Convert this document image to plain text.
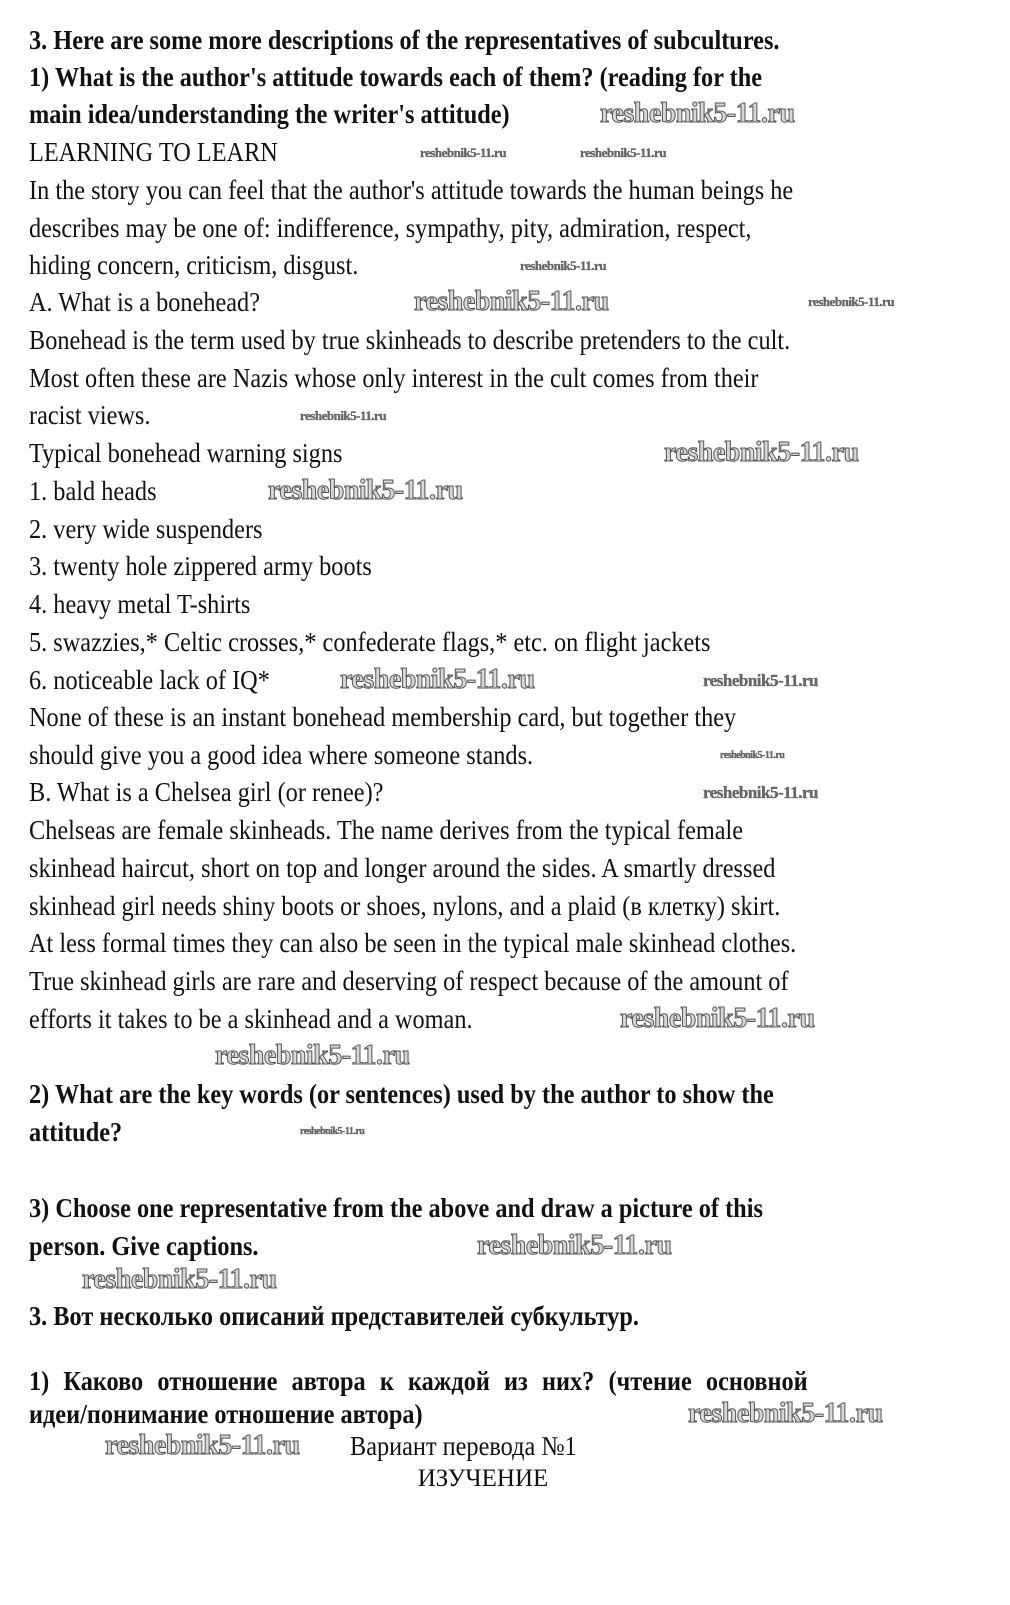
3. Here are some more descriptions of the representatives of subcultures.
1) What is the author's attitude towards each of them? (reading for the
main idea/understanding the writer's attitude)
LEARNING TO LEARN
In the story you can feel that the author's attitude towards the human beings he
describes may be one of: indifference, sympathy, pity, admiration, respect,
hiding concern, criticism, disgust.
A. What is a bonehead?
Bonehead is the term used by true skinheads to describe pretenders to the cult.
Most often these are Nazis whose only interest in the cult comes from their
racist views.
Typical bonehead warning signs
1. bald heads
2. very wide suspenders
3. twenty hole zippered army boots
4. heavy metal T-shirts
5. swazzies,* Celtic crosses,* confederate flags,* etc. on flight jackets
6. noticeable lack of IQ*
None of these is an instant bonehead membership card, but together they
should give you a good idea where someone stands.
B. What is a Chelsea girl (or renee)?
Chelseas are female skinheads. The name derives from the typical female
skinhead haircut, short on top and longer around the sides. A smartly dressed
skinhead girl needs shiny boots or shoes, nylons, and a plaid (в клетку) skirt.
At less formal times they can also be seen in the typical male skinhead clothes.
True skinhead girls are rare and deserving of respect because of the amount of
efforts it takes to be a skinhead and a woman.
2) What are the key words (or sentences) used by the author to show the
attitude?
3) Choose one representative from the above and draw a picture of this
person. Give captions.
3. Вот несколько описаний представителей субкультур.
1) Каково отношение автора к каждой из них? (чтение основной
идеи/понимание отношение автора)
Вариант перевода №1
ИЗУЧЕНИЕ
reshebnik5-11.ru
reshebnik5-11.ru
reshebnik5-11.ru
reshebnik5-11.ru
reshebnik5-11.ru
reshebnik5-11.ru
reshebnik5-11.ru
reshebnik5-11.ru
reshebnik5-11.ru
reshebnik5-11.ru
reshebnik5-11.ru
reshebnik5-11.ru	reshebnik5-11.ru
reshebnik5-11.ru
reshebnik5-11.ru
reshebnik5-11.ru
reshebnik5-11.ru
reshebnik5-11.ru
reshebnik5-11.ru
reshebnik5-11.ru
